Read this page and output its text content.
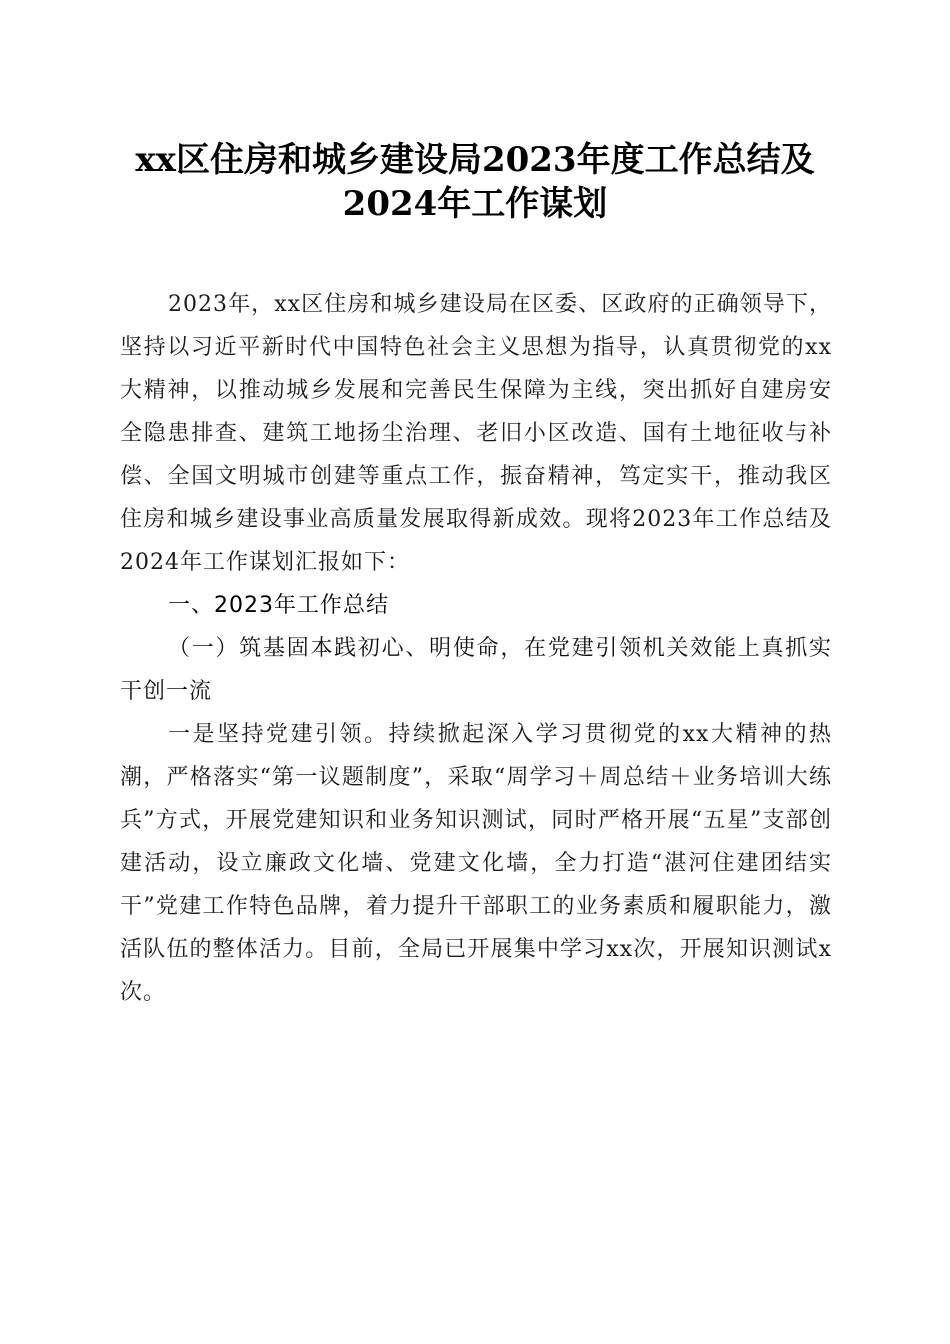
xx区住房和城乡建设局2023年度工作总结及
2024年工作谋划

2023年，xx区住房和城乡建设局在区委、区政府的正确领导下，坚持以习近平新时代中国特色社会主义思想为指导，认真贯彻党的xx大精神，以推动城乡发展和完善民生保障为主线，突出抓好自建房安全隐患排查、建筑工地扬尘治理、老旧小区改造、国有土地征收与补偿、全国文明城市创建等重点工作，振奋精神，笃定实干，推动我区住房和城乡建设事业高质量发展取得新成效。现将2023年工作总结及2024年工作谋划汇报如下：

一、2023年工作总结

（一）筑基固本践初心、明使命，在党建引领机关效能上真抓实干创一流

一是坚持党建引领。持续掀起深入学习贯彻党的xx大精神的热潮，严格落实“第一议题制度”，采取“周学习＋周总结＋业务培训大练兵”方式，开展党建知识和业务知识测试，同时严格开展“五星”支部创建活动，设立廉政文化墙、党建文化墙，全力打造“湛河住建团结实干”党建工作特色品牌，着力提升干部职工的业务素质和履职能力，激活队伍的整体活力。目前，全局已开展集中学习xx次，开展知识测试x次。
